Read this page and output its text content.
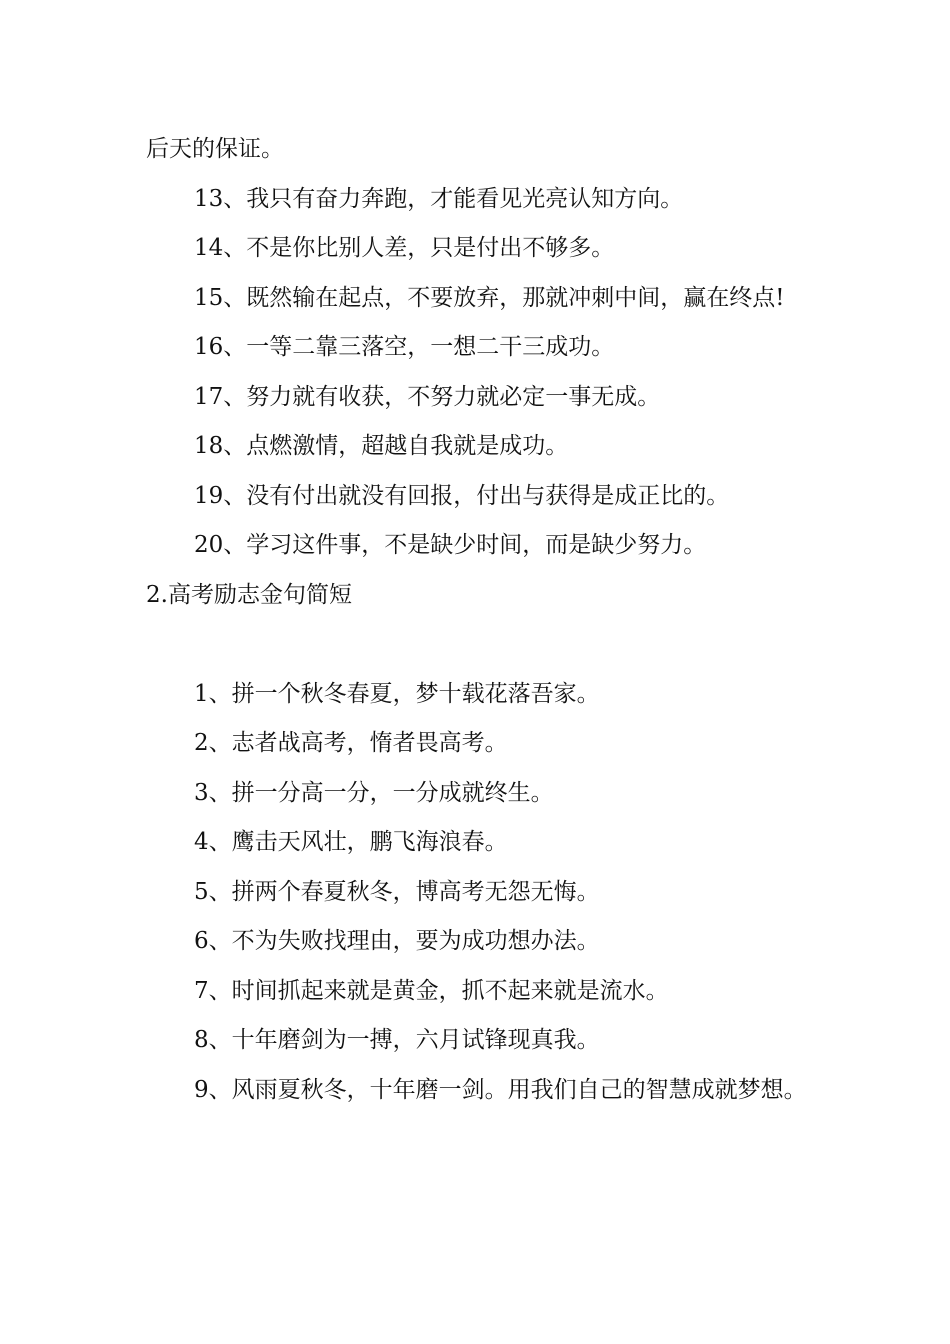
后天的保证。

13、我只有奋力奔跑，才能看见光亮认知方向。

14、不是你比别人差，只是付出不够多。

15、既然输在起点，不要放弃，那就冲刺中间，赢在终点!

16、一等二靠三落空，一想二干三成功。

17、努力就有收获，不努力就必定一事无成。

18、点燃激情，超越自我就是成功。

19、没有付出就没有回报，付出与获得是成正比的。

20、学习这件事，不是缺少时间，而是缺少努力。

2.高考励志金句简短

1、拼一个秋冬春夏，梦十载花落吾家。

2、志者战高考，惰者畏高考。

3、拼一分高一分，一分成就终生。

4、鹰击天风壮，鹏飞海浪春。

5、拼两个春夏秋冬，博高考无怨无悔。

6、不为失败找理由，要为成功想办法。

7、时间抓起来就是黄金，抓不起来就是流水。

8、十年磨剑为一搏，六月试锋现真我。

9、风雨夏秋冬，十年磨一剑。用我们自己的智慧成就梦想。
